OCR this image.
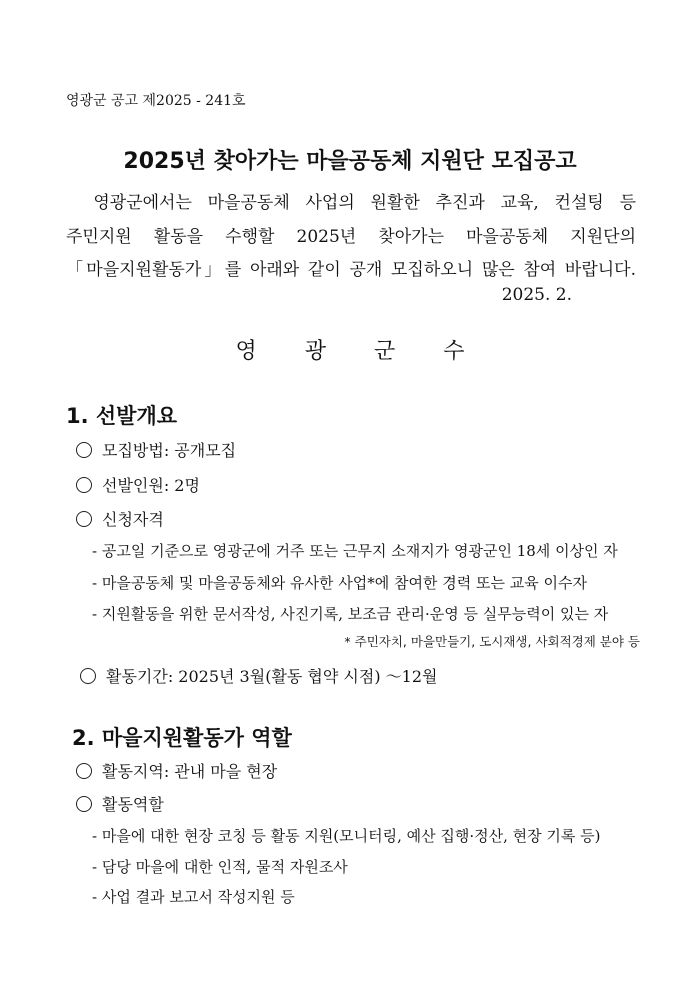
영광군 공고 제2025 - 241호
2025년 찾아가는 마을공동체 지원단 모집공고
　영광군에서는 마을공동체 사업의 원활한 추진과 교육, 컨설팅 등
주민지원 활동을 수행할 2025년 찾아가는 마을공동체 지원단의
「마을지원활동가」를 아래와 같이 공개 모집하오니 많은 참여 바랍니다.
2025. 2.
영광군수
1. 선발개요
모집방법: 공개모집
선발인원: 2명
신청자격
- 공고일 기준으로 영광군에 거주 또는 근무지 소재지가 영광군인 18세 이상인 자
- 마을공동체 및 마을공동체와 유사한 사업*에 참여한 경력 또는 교육 이수자
- 지원활동을 위한 문서작성, 사진기록, 보조금 관리·운영 등 실무능력이 있는 자
* 주민자치, 마을만들기, 도시재생, 사회적경제 분야 등
활동기간: 2025년 3월(활동 협약 시점) ～12월
2. 마을지원활동가 역할
활동지역: 관내 마을 현장
활동역할
- 마을에 대한 현장 코칭 등 활동 지원(모니터링, 예산 집행·정산, 현장 기록 등)
- 담당 마을에 대한 인적, 물적 자원조사
- 사업 결과 보고서 작성지원 등
